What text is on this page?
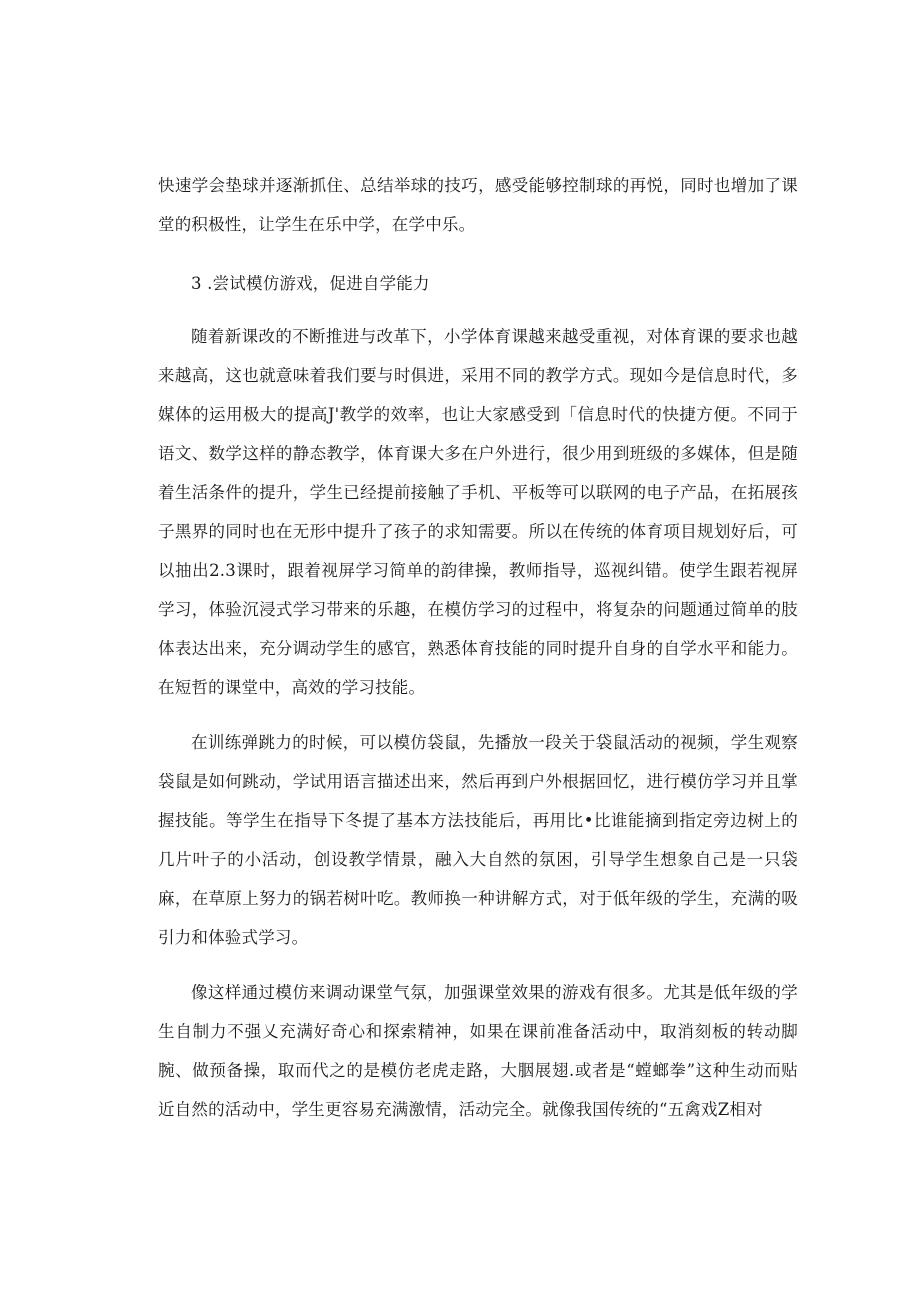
快速学会垫球并逐渐抓住、总结举球的技巧，感受能够控制球的再悦，同时也增加了课堂的积极性，让学生在乐中学，在学中乐。

3 .尝试模仿游戏，促进自学能力

随着新课改的不断推进与改革下，小学体育课越来越受重视，对体育课的要求也越来越高，这也就意味着我们要与时俱进，采用不同的教学方式。现如今是信息时代，多媒体的运用极大的提高J'教学的效率，也让大家感受到「信息时代的快捷方便。不同于语文、数学这样的静态教学，体育课大多在户外进行，很少用到班级的多媒体，但是随着生活条件的提升，学生已经提前接触了手机、平板等可以联网的电子产品，在拓展孩子黑界的同时也在无形中提升了孩子的求知需要。所以在传统的体育项目规划好后，可以抽出2.3课时，跟着视屏学习简单的韵律操，教师指导，巡视纠错。使学生跟若视屏学习，体验沉浸式学习带来的乐趣，在模仿学习的过程中，将复杂的问题通过简单的肢体表达出来，充分调动学生的感官，熟悉体育技能的同时提升自身的自学水平和能力。在短哲的课堂中，高效的学习技能。

在训练弹跳力的时候，可以模仿袋鼠，先播放一段关于袋鼠活动的视频，学生观察袋鼠是如何跳动，学试用语言描述出来，然后再到户外根据回忆，进行模仿学习并且掌握技能。等学生在指导下冬提了基本方法技能后，再用比•比谁能摘到指定旁边树上的几片叶子的小活动，创设教学情景，融入大自然的氛困，引导学生想象自己是一只袋麻，在草原上努力的锅若树叶吃。教师换一种讲解方式，对于低年级的学生，充满的吸引力和体验式学习。

像这样通过模仿来调动课堂气氛，加强课堂效果的游戏有很多。尤其是低年级的学生自制力不强乂充满好奇心和探索精神，如果在课前准备活动中，取消刻板的转动脚腕、做预备操，取而代之的是模仿老虎走路，大胭展翅.或者是“螳螂拳”这种生动而贴近自然的活动中，学生更容易充满激情，活动完全。就像我国传统的“五禽戏Z相对
